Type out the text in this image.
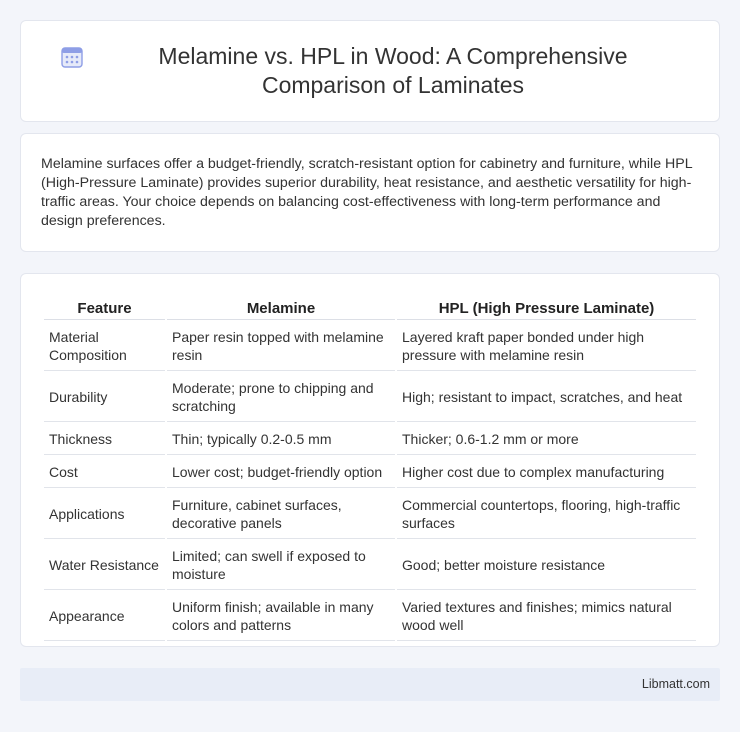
Melamine vs. HPL in Wood: A Comprehensive Comparison of Laminates

Melamine surfaces offer a budget-friendly, scratch-resistant option for cabinetry and furniture, while HPL (High-Pressure Laminate) provides superior durability, heat resistance, and aesthetic versatility for high-traffic areas. Your choice depends on balancing cost-effectiveness with long-term performance and design preferences.

Feature	Melamine	HPL (High Pressure Laminate)
Material Composition	Paper resin topped with melamine resin	Layered kraft paper bonded under high pressure with melamine resin
Durability	Moderate; prone to chipping and scratching	High; resistant to impact, scratches, and heat
Thickness	Thin; typically 0.2-0.5 mm	Thicker; 0.6-1.2 mm or more
Cost	Lower cost; budget-friendly option	Higher cost due to complex manufacturing
Applications	Furniture, cabinet surfaces, decorative panels	Commercial countertops, flooring, high-traffic surfaces
Water Resistance	Limited; can swell if exposed to moisture	Good; better moisture resistance
Appearance	Uniform finish; available in many colors and patterns	Varied textures and finishes; mimics natural wood well
Libmatt.com
